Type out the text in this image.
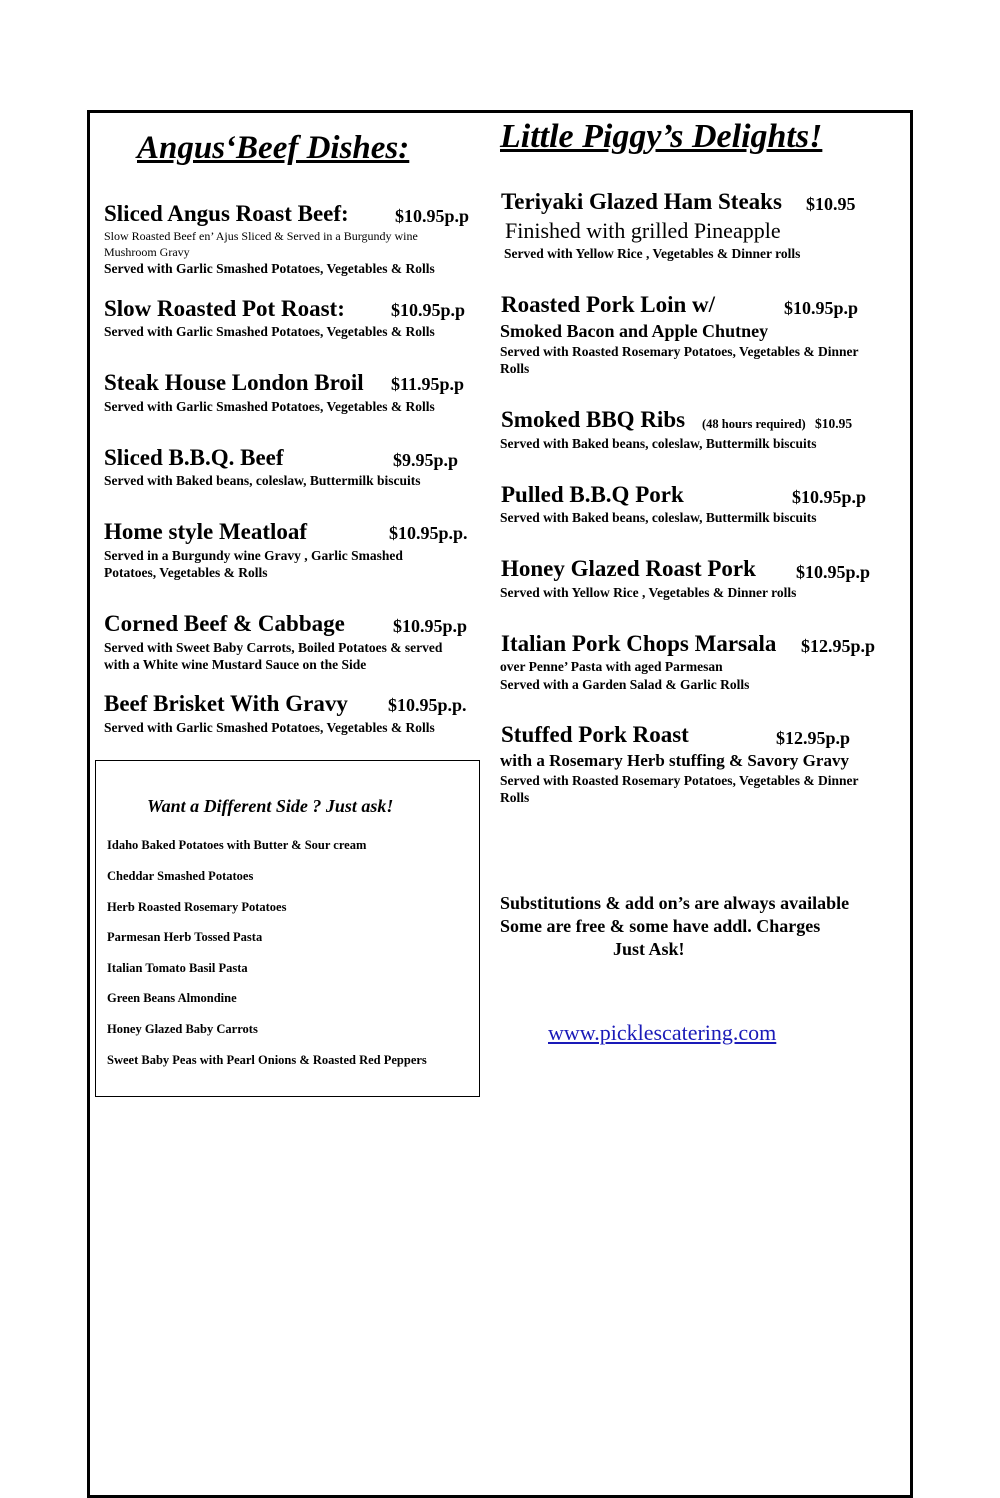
Angus‘Beef Dishes:
Sliced Angus Roast Beef:	$10.95p.p
Slow Roasted Beef en’ Ajus Sliced & Served in a Burgundy wine
Mushroom Gravy
Served with Garlic Smashed Potatoes, Vegetables & Rolls
Slow Roasted Pot Roast:	$10.95p.p
Served with Garlic Smashed Potatoes, Vegetables & Rolls
Steak House London Broil $11.95p.p
Served with Garlic Smashed Potatoes, Vegetables & Rolls
Sliced B.B.Q. Beef	$9.95p.p
Served with Baked beans, coleslaw, Buttermilk biscuits
Home style Meatloaf	$10.95p.p.
Served in a Burgundy wine Gravy , Garlic Smashed
Potatoes, Vegetables & Rolls
Corned Beef & Cabbage	$10.95p.p
Served with Sweet Baby Carrots, Boiled Potatoes & served
with a White wine Mustard Sauce on the Side
Beef Brisket With Gravy $10.95p.p.
Served with Garlic Smashed Potatoes, Vegetables & Rolls
Want a Different Side ? Just ask!
Idaho Baked Potatoes with Butter & Sour cream
Cheddar Smashed Potatoes
Herb Roasted Rosemary Potatoes
Parmesan Herb Tossed Pasta
Italian Tomato Basil Pasta
Green Beans Almondine
Honey Glazed Baby Carrots
Sweet Baby Peas with Pearl Onions & Roasted Red Peppers
Little Piggy’s Delights!
Teriyaki Glazed Ham Steaks $10.95
Finished with grilled Pineapple
Served with Yellow Rice , Vegetables & Dinner rolls
Roasted Pork Loin w/	$10.95p.p
Smoked Bacon and Apple Chutney
Served with Roasted Rosemary Potatoes, Vegetables & Dinner
Rolls
Smoked BBQ Ribs (48 hours required) $10.95
Served with Baked beans, coleslaw, Buttermilk biscuits
Pulled B.B.Q Pork	$10.95p.p
Served with Baked beans, coleslaw, Buttermilk biscuits
Honey Glazed Roast Pork $10.95p.p
Served with Yellow Rice , Vegetables & Dinner rolls
Italian Pork Chops Marsala $12.95p.p
over Penne’ Pasta with aged Parmesan
Served with a Garden Salad & Garlic Rolls
Stuffed Pork Roast	$12.95p.p
with a Rosemary Herb stuffing & Savory Gravy
Served with Roasted Rosemary Potatoes, Vegetables & Dinner
Rolls
Substitutions & add on’s are always available
Some are free & some have addl. Charges
Just Ask!
www.picklescatering.com
